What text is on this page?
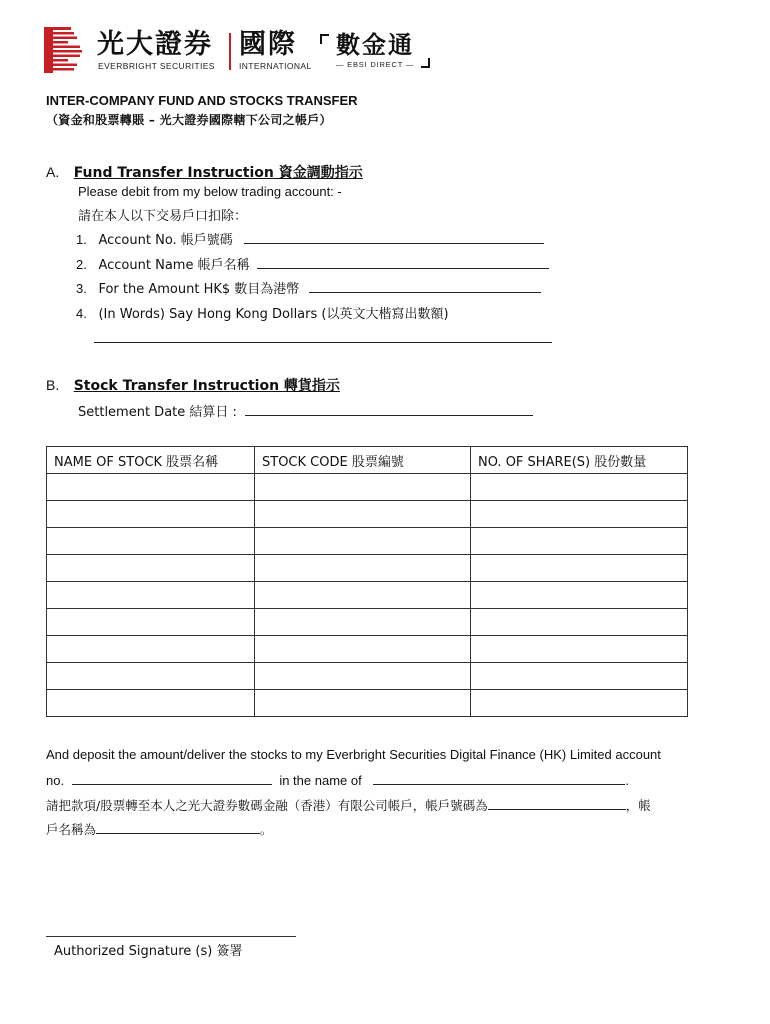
光大證券
EVERBRIGHT SECURITIES
國際
INTERNATIONAL
數金通
— EBSI DIRECT —
INTER-COMPANY FUND AND STOCKS TRANSFER
（資金和股票轉賬 – 光大證券國際轄下公司之帳戶）
A. Fund Transfer Instruction 資金調動指示
Please debit from my below trading account: -
請在本人以下交易戶口扣除：
1. Account No. 帳戶號碼
2. Account Name 帳戶名稱
3. For the Amount HK$ 數目為港幣
4. (In Words) Say Hong Kong Dollars (以英文大楷寫出數額)
B. Stock Transfer Instruction 轉貨指示
Settlement Date 結算日 :
NAME OF STOCK 股票名稱	STOCK CODE 股票編號	NO. OF SHARE(S) 股份數量

And deposit the amount/deliver the stocks to my Everbright Securities Digital Finance (HK) Limited account
no.	in the name of	.
請把款項/股票轉至本人之光大證券數碼金融（香港）有限公司帳戶，帳戶號碼為	，帳
戶名稱為	。
Authorized Signature (s) 簽署
